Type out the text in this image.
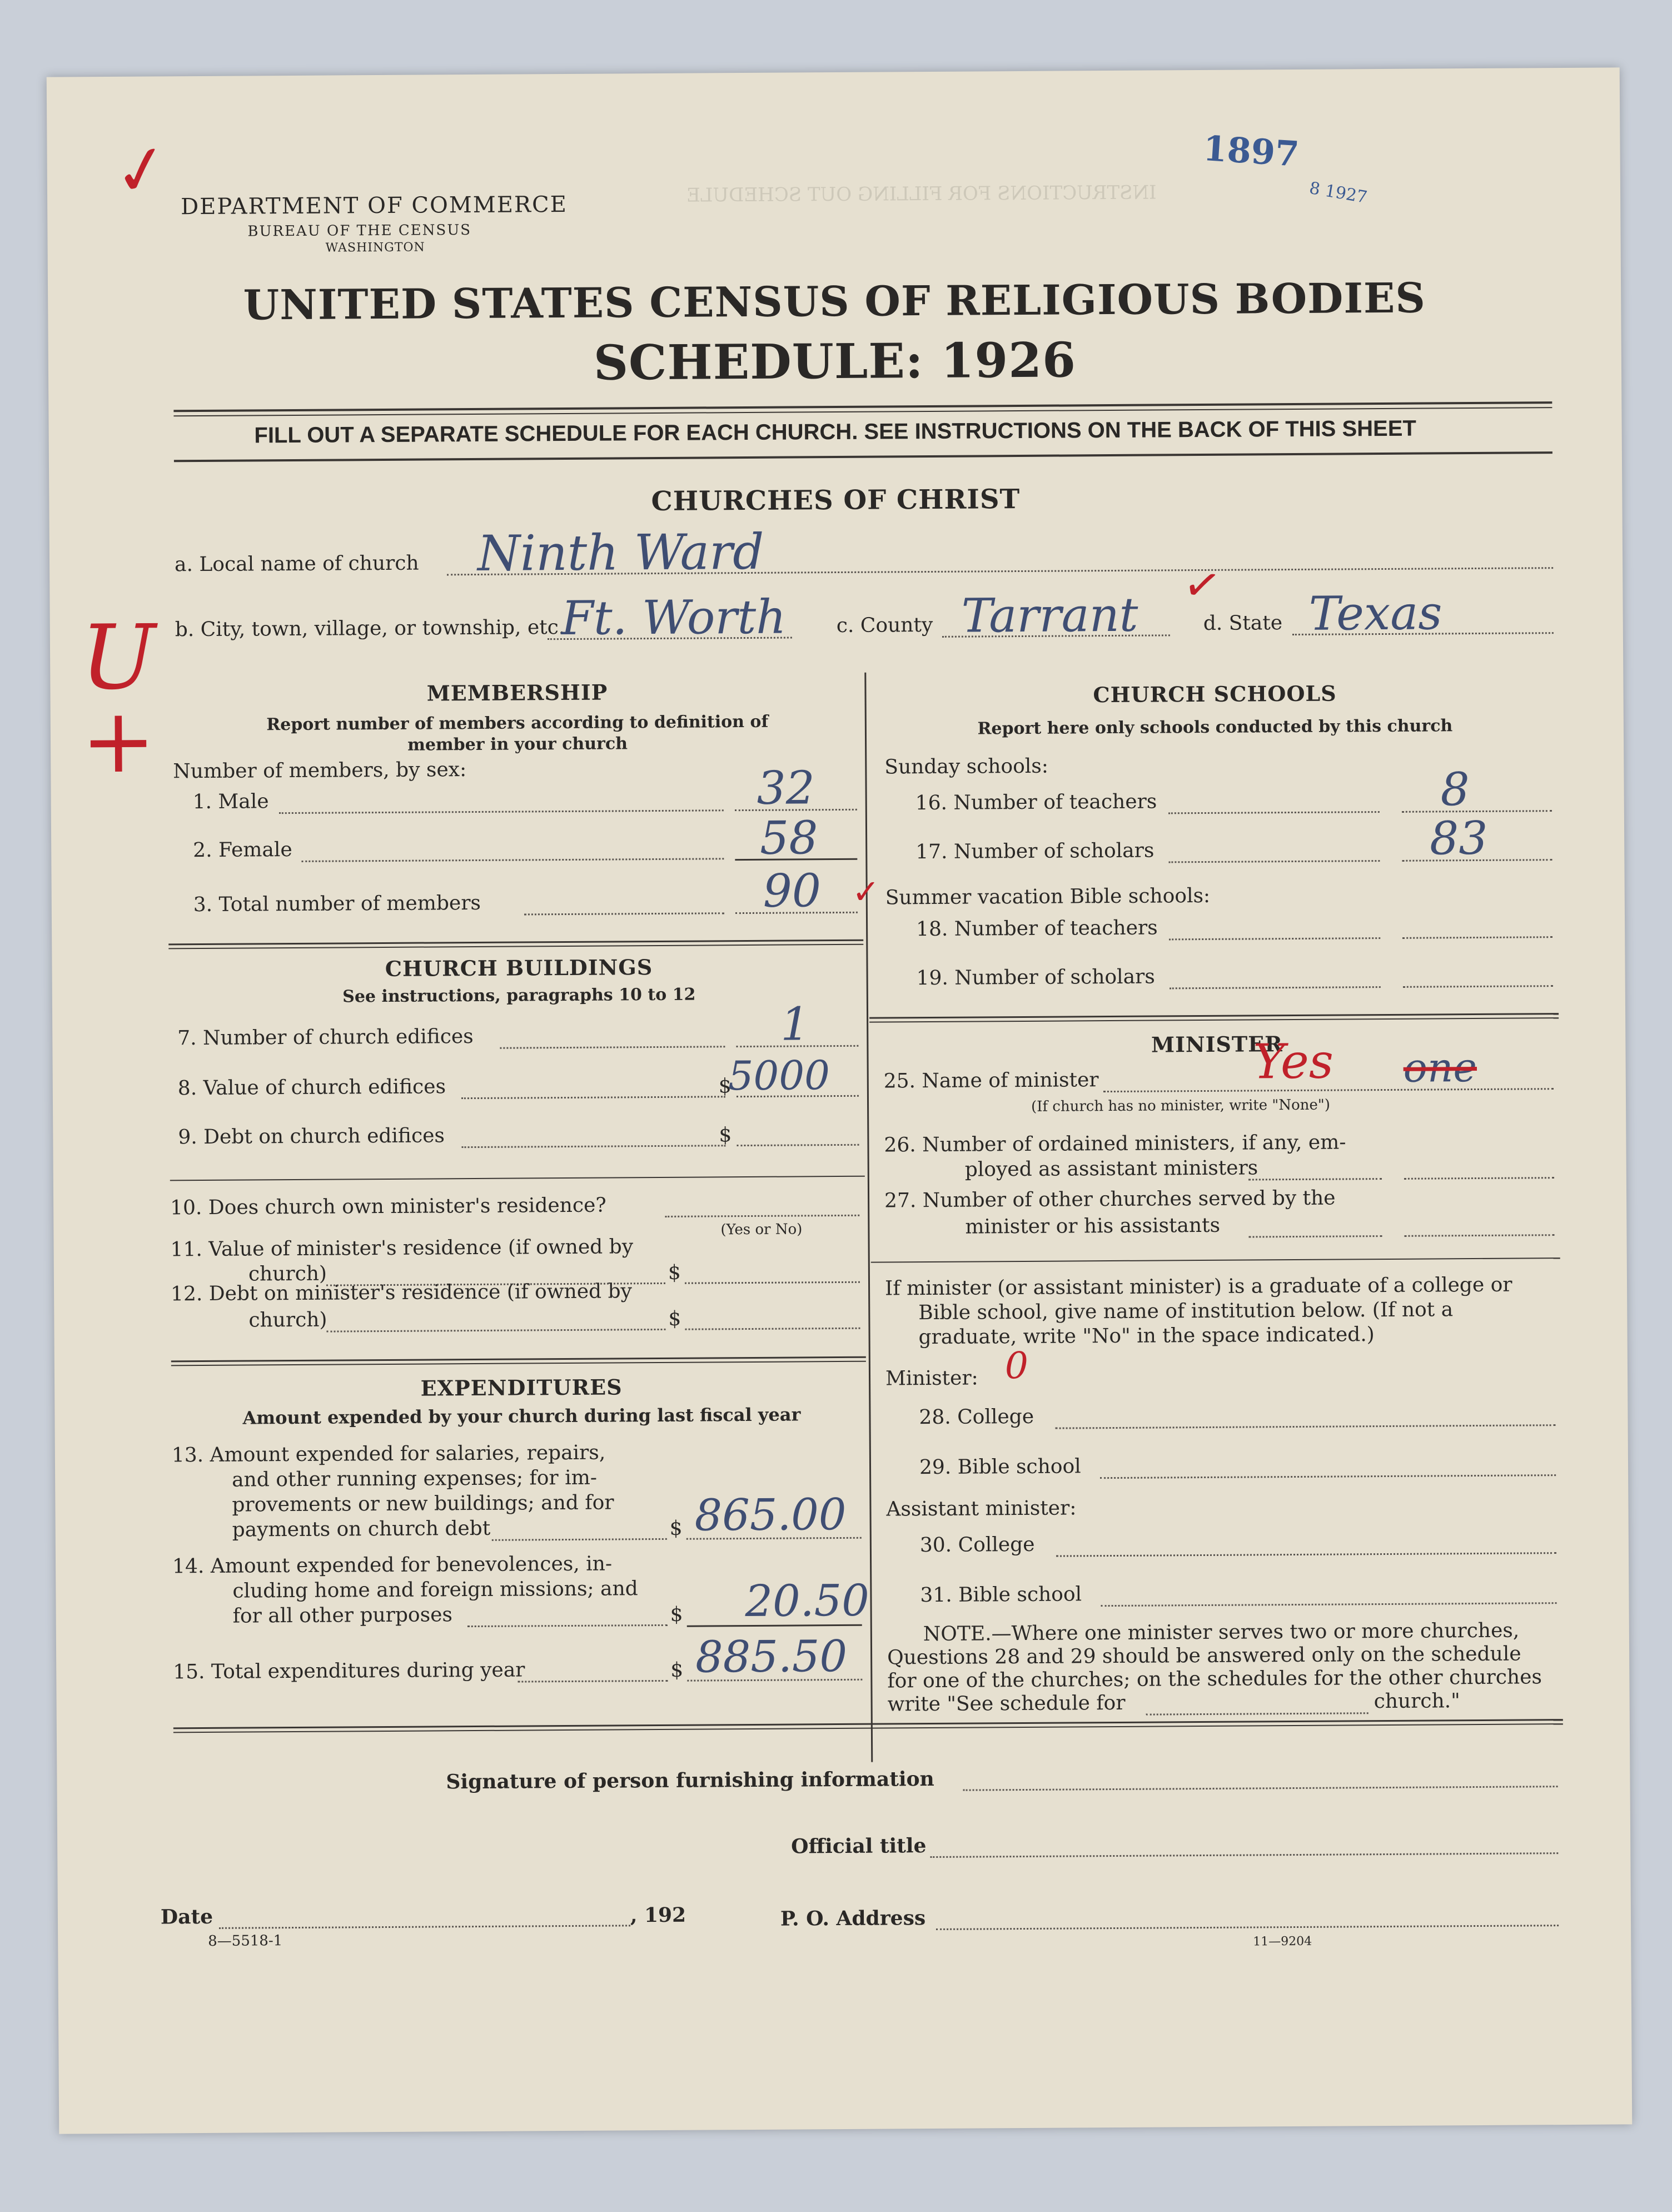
INSTRUCTIONS FOR FILLING OUT SCHEDULE
1897
8 1927
✓
U +
DEPARTMENT OF COMMERCE
BUREAU OF THE CENSUS
WASHINGTON
UNITED STATES CENSUS OF RELIGIOUS BODIES
SCHEDULE: 1926
FILL OUT A SEPARATE SCHEDULE FOR EACH CHURCH. SEE INSTRUCTIONS ON THE BACK OF THIS SHEET
CHURCHES OF CHRIST
a. Local name of church Ninth Ward
b. City, town, village, or township, etc.
Ft. Worth	c. County Tarrant
✓
d. State Texas
MEMBERSHIP
Report number of members according to definition of
member in your church
Number of members, by sex:
1. Male	32
2. Female	58
3. Total number of members	90 ✓
CHURCH BUILDINGS
See instructions, paragraphs 10 to 12
7. Number of church edifices	1
8. Value of church edifices	$
5000
9. Debt on church edifices	$
10. Does church own minister's residence?
(Yes or No)
11. Value of minister's residence (if owned by
church)	$
12. Debt on minister's residence (if owned by
church)	$
EXPENDITURES
Amount expended by your church during last fiscal year
13. Amount expended for salaries, repairs,
and other running expenses; for im-
provements or new buildings; and for
payments on church debt	$ 865.00
14. Amount expended for benevolences, in-
cluding home and foreign missions; and
for all other purposes	$ 20.50
15. Total expenditures during year	$ 885.50
CHURCH SCHOOLS
Report here only schools conducted by this church
Sunday schools:
16. Number of teachers	8
17. Number of scholars	83
Summer vacation Bible schools:
18. Number of teachers
19. Number of scholars
MINISTER
25. Name of minister	Yes one
(If church has no minister, write "None")
26. Number of ordained ministers, if any, em-
ployed as assistant ministers
27. Number of other churches served by the
minister or his assistants
If minister (or assistant minister) is a graduate of a college or
Bible school, give name of institution below. (If not a
graduate, write "No" in the space indicated.)
Minister: 0
28. College
29. Bible school
Assistant minister:
30. College
31. Bible school
NOTE.—Where one minister serves two or more churches,
Questions 28 and 29 should be answered only on the schedule
for one of the churches; on the schedules for the other churches
write "See schedule for	church."
Signature of person furnishing information
Official title
Date	, 192
8—5518-1
P. O. Address
11—9204
